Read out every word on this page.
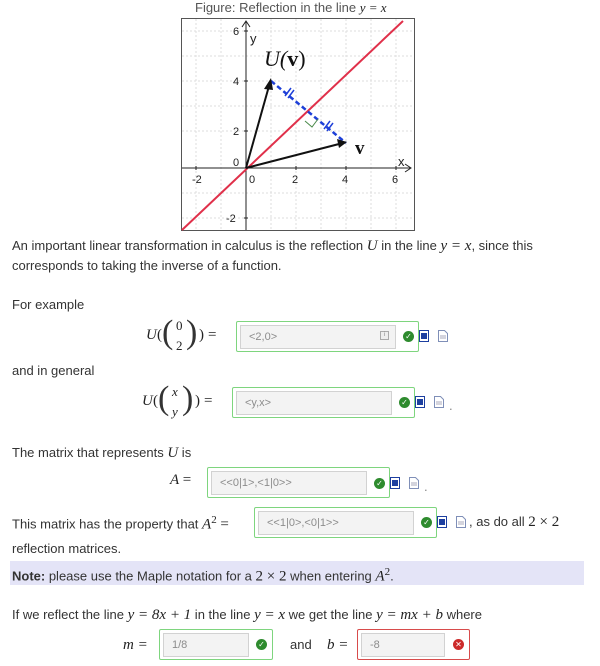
Figure: Reflection in the line y = x
-2	0	2	4	6
6
4
2
0
-2
x
y
U(v)
v
An important linear transformation in calculus is the reflection U in the line y = x, since this
corresponds to taking the inverse of a function.
For example
U ( ( 0
2 ) ) =	<2,0>	i	✓
and in general
U ( ( x
y ) ) =	<y,x>	✓	.
The matrix that represents U is
A =	<<0|1>,<1|0>>	✓	.
This matrix has the property that $A^2$ =	<<1|0>,<0|1>>	✓	, as do all 2 × 2
reflection matrices.
Note: please use the Maple notation for a 2 × 2 when entering $A^2$.
If we reflect the line y = 8x + 1 in the line y = x we get the line y = mx + b where
m =	1/8	✓ and b =	-8	✕
